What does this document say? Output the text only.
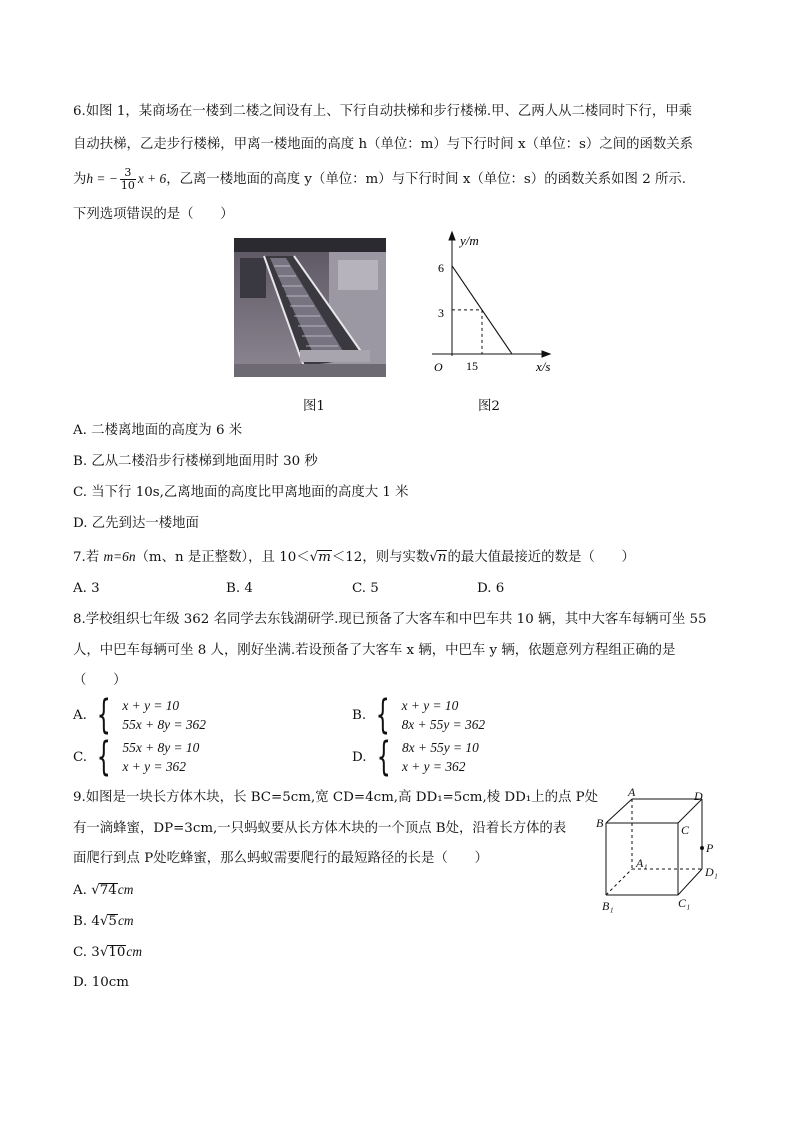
6.如图 1，某商场在一楼到二楼之间设有上、下行自动扶梯和步行楼梯.甲、乙两人从二楼同时下行，甲乘
自动扶梯，乙走步行楼梯，甲离一楼地面的高度 h（单位：m）与下行时间 x（单位：s）之间的函数关系
为h = − $\frac{3}{10}$ x + 6，乙离一楼地面的高度 y（单位：m）与下行时间 x（单位：s）的函数关系如图 2 所示.
下列选项错误的是（　　）
图1
y/m
x/s
O
6
3
15
图2
A. 二楼离地面的高度为 6 米
B. 乙从二楼沿步行楼梯到地面用时 30 秒
C. 当下行 10s,乙离地面的高度比甲离地面的高度大 1 米
D. 乙先到达一楼地面
7.若 m=6n（m、n 是正整数），且 10＜√m＜12，则与实数√n的最大值最接近的数是（　　）
A. 3	B. 4	C. 5	D. 6
8.学校组织七年级 362 名同学去东钱湖研学.现已预备了大客车和中巴车共 10 辆，其中大客车每辆可坐 55
人，中巴车每辆可坐 8 人，刚好坐满.若设预备了大客车 x 辆，中巴车 y 辆，依题意列方程组正确的是
（　　）
A. { x + y = 10
55x + 8y = 362
B. { x + y = 10
8x + 55y = 362
C. { 55x + 8y = 10
x + y = 362
D. { 8x + 55y = 10
x + y = 362
9.如图是一块长方体木块，长 BC=5cm,宽 CD=4cm,高 DD₁=5cm,棱 DD₁上的点 P处
有一滴蜂蜜，DP=3cm,一只蚂蚁要从长方体木块的一个顶点 B处，沿着长方体的表
面爬行到点 P处吃蜂蜜，那么蚂蚁需要爬行的最短路径的长是（　　）
A. √74cm
B. 4√5cm
C. 3√10cm
D. 10cm
A	D
B	C
P
A₁
D₁
B₁	C₁
